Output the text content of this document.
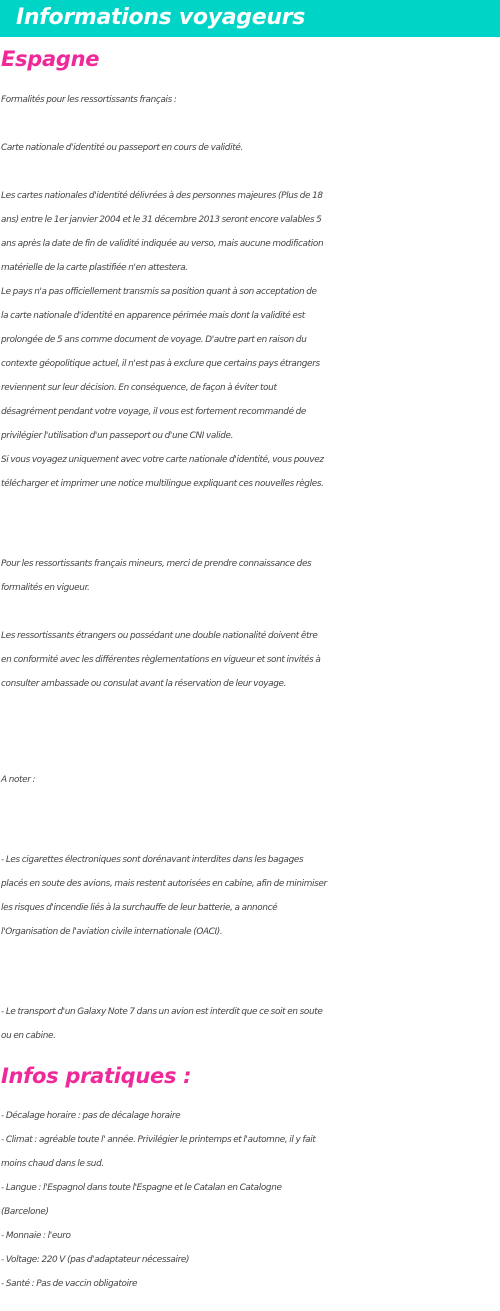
Informations voyageurs
Espagne

Formalités pour les ressortissants français :

Carte nationale d'identité ou passeport en cours de validité.

Les cartes nationales d'identité délivrées à des personnes majeures (Plus de 18

ans) entre le 1er janvier 2004 et le 31 décembre 2013 seront encore valables 5

ans après la date de fin de validité indiquée au verso, mais aucune modification

matérielle de la carte plastifiée n'en attestera.

Le pays n'a pas officiellement transmis sa position quant à son acceptation de

la carte nationale d'identité en apparence périmée mais dont la validité est

prolongée de 5 ans comme document de voyage. D'autre part en raison du

contexte géopolitique actuel, il n'est pas à exclure que certains pays étrangers

reviennent sur leur décision. En conséquence, de façon à éviter tout

désagrément pendant votre voyage, il vous est fortement recommandé de

privilégier l'utilisation d'un passeport ou d'une CNI valide.

Si vous voyagez uniquement avec votre carte nationale d'identité, vous pouvez

télécharger et imprimer une notice multilingue expliquant ces nouvelles règles.

Pour les ressortissants français mineurs, merci de prendre connaissance des

formalités en vigueur.

Les ressortissants étrangers ou possédant une double nationalité doivent être

en conformité avec les différentes règlementations en vigueur et sont invités à

consulter ambassade ou consulat avant la réservation de leur voyage.

A noter :

- Les cigarettes électroniques sont dorénavant interdites dans les bagages

placés en soute des avions, mais restent autorisées en cabine, afin de minimiser

les risques d'incendie liés à la surchauffe de leur batterie, a annoncé

l'Organisation de l'aviation civile internationale (OACI).

- Le transport d'un Galaxy Note 7 dans un avion est interdit que ce soit en soute

ou en cabine.

Infos pratiques :

- Décalage horaire : pas de décalage horaire

- Climat : agréable toute l' année. Privilégier le printemps et l'automne, il y fait

moins chaud dans le sud.

- Langue : l'Espagnol dans toute l'Espagne et le Catalan en Catalogne

(Barcelone)

- Monnaie : l'euro

- Voltage: 220 V (pas d'adaptateur nécessaire)

- Santé : Pas de vaccin obligatoire
